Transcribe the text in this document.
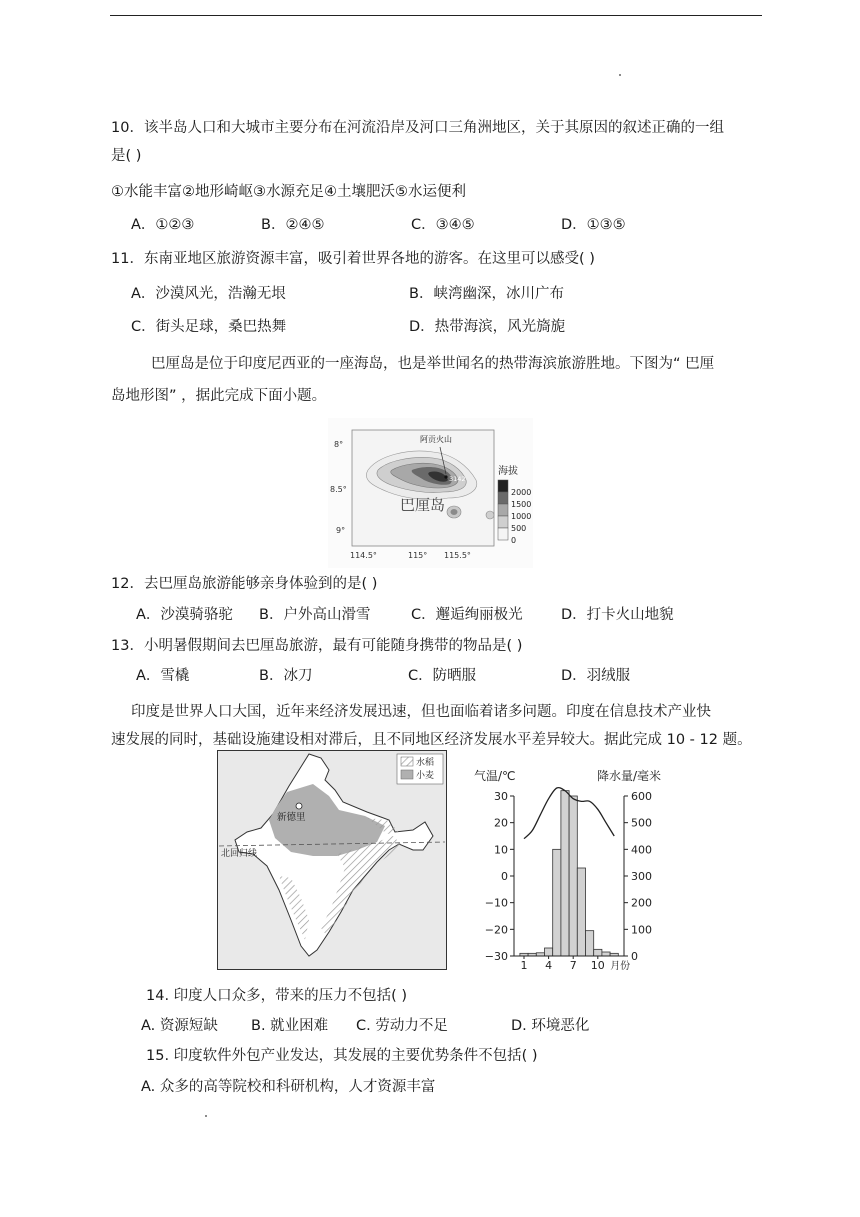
10．该半岛人口和大城市主要分布在河流沿岸及河口三角洲地区，关于其原因的叙述正确的一组
是( )
①水能丰富②地形崎岖③水源充足④土壤肥沃⑤水运便利
A．①②③	B．②④⑤	C．③④⑤	D．①③⑤
11．东南亚地区旅游资源丰富，吸引着世界各地的游客。在这里可以感受( )
A．沙漠风光，浩瀚无垠	B．峡湾幽深，冰川广布
C．街头足球，桑巴热舞	D．热带海滨，风光旖旎
巴厘岛是位于印度尼西亚的一座海岛，也是举世闻名的热带海滨旅游胜地。下图为“ 巴厘
岛地形图” ，据此完成下面小题。
阿贡火山
3142
巴厘岛
8°
8.5°
9°
114.5°	115° 115.5°
海拔
2000
1500
1000
500
0
12．去巴厘岛旅游能够亲身体验到的是( )
A．沙漠骑骆驼 B．户外高山滑雪	C．邂逅绚丽极光	D．打卡火山地貌
13．小明暑假期间去巴厘岛旅游，最有可能随身携带的物品是( )
A．雪橇	B．冰刀	C．防晒服	D．羽绒服
印度是世界人口大国，近年来经济发展迅速，但也面临着诸多问题。印度在信息技术产业快
速发展的同时，基础设施建设相对滞后，且不同地区经济发展水平差异较大。据此完成 10 - 12 题。
北回归线
新德里
水稻
小麦	气温/℃	降水量/毫米
30
20
10
0
−10
−20
−30
600
500
400
300
200
100
0
1 4 7 10 月份
14. 印度人口众多，带来的压力不包括( )
A. 资源短缺 B. 就业困难 C. 劳动力不足	D. 环境恶化
15. 印度软件外包产业发达，其发展的主要优势条件不包括( )
A. 众多的高等院校和科研机构，人才资源丰富
